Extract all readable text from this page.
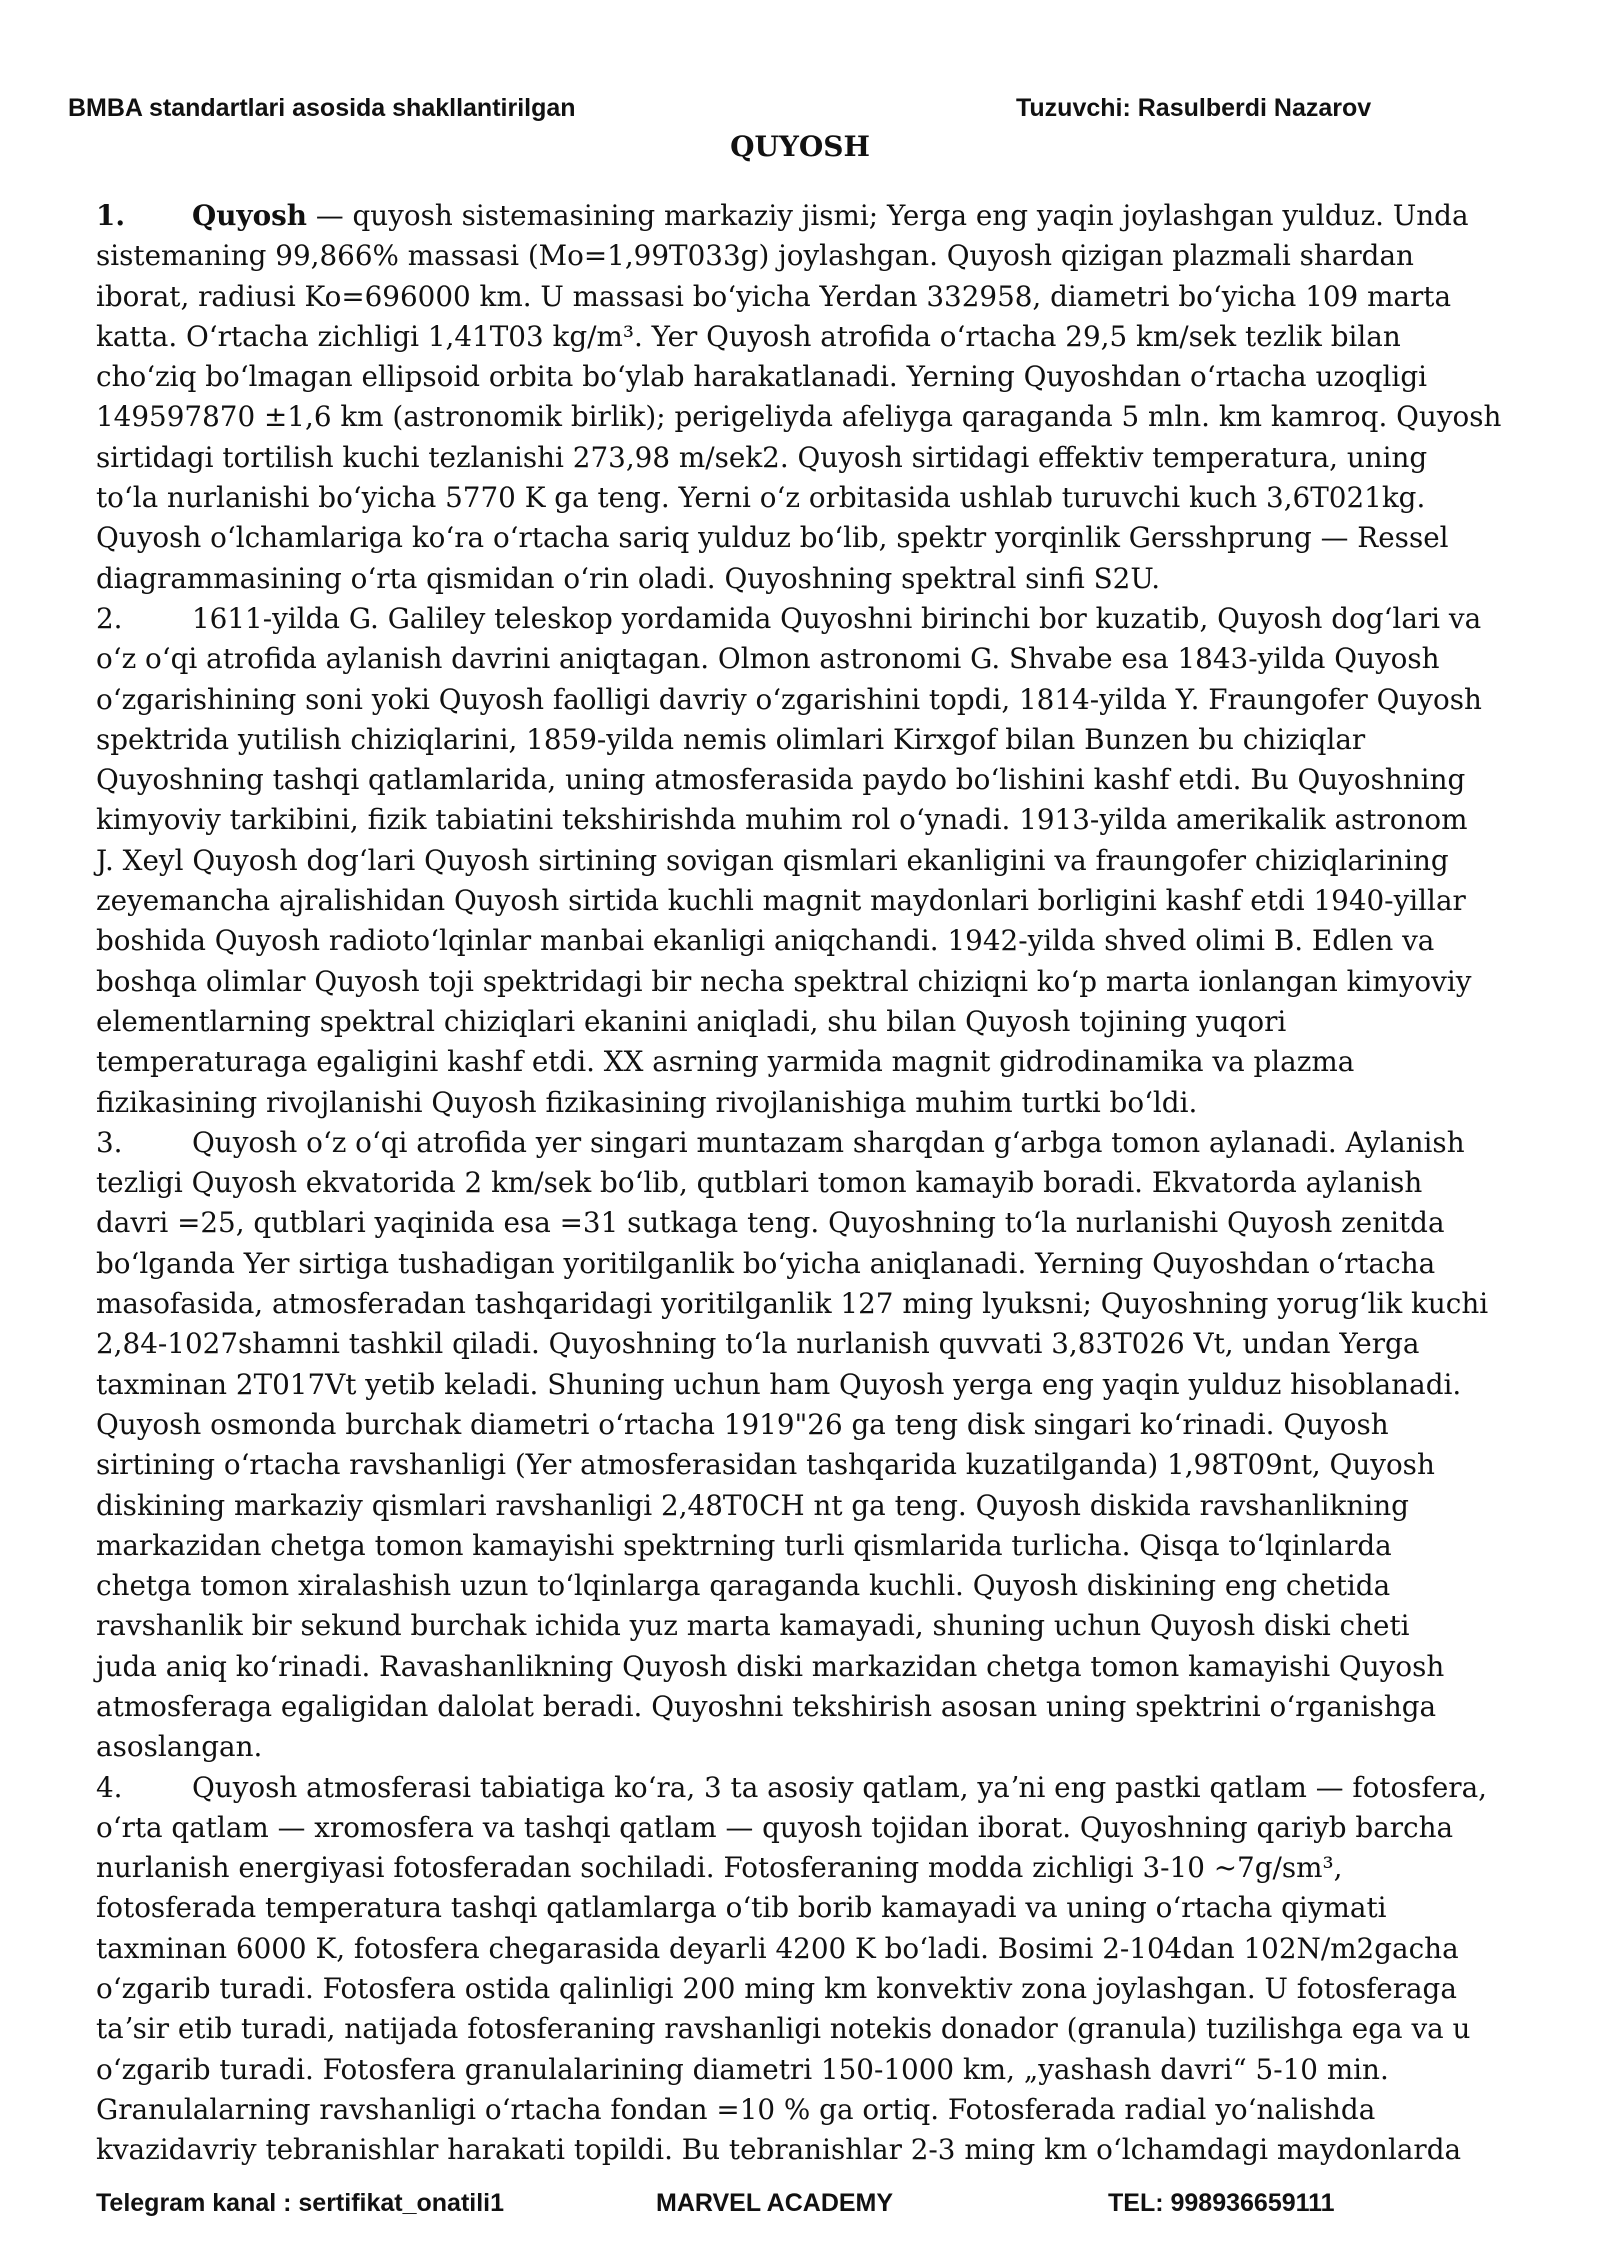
BMBA standartlari asosida shakllantirilgan	Tuzuvchi: Rasulberdi Nazarov
QUYOSH
1. Quyosh — quyosh sistemasining markaziy jismi; Yerga eng yaqin joylashgan yulduz. Unda
sistemaning 99,866% massasi (Mo=1,99T033g) joylashgan. Quyosh qizigan plazmali shardan
iborat, radiusi Ko=696000 km. U massasi boʻyicha Yerdan 332958, diametri boʻyicha 109 marta
katta. Oʻrtacha zichligi 1,41T03 kg/m³. Yer Quyosh atrofida oʻrtacha 29,5 km/sek tezlik bilan
choʻziq boʻlmagan ellipsoid orbita boʻylab harakatlanadi. Yerning Quyoshdan oʻrtacha uzoqligi
149597870 ±1,6 km (astronomik birlik); perigeliyda afeliyga qaraganda 5 mln. km kamroq. Quyosh
sirtidagi tortilish kuchi tezlanishi 273,98 m/sek2. Quyosh sirtidagi effektiv temperatura, uning
toʻla nurlanishi boʻyicha 5770 K ga teng. Yerni oʻz orbitasida ushlab turuvchi kuch 3,6T021kg.
Quyosh oʻlchamlariga koʻra oʻrtacha sariq yulduz boʻlib, spektr yorqinlik Gersshprung — Ressel
diagrammasining oʻrta qismidan oʻrin oladi. Quyoshning spektral sinfi S2U.
2. 1611-yilda G. Galiley teleskop yordamida Quyoshni birinchi bor kuzatib, Quyosh dogʻlari va
oʻz oʻqi atrofida aylanish davrini aniqtagan. Olmon astronomi G. Shvabe esa 1843-yilda Quyosh
oʻzgarishining soni yoki Quyosh faolligi davriy oʻzgarishini topdi, 1814-yilda Y. Fraungofer Quyosh
spektrida yutilish chiziqlarini, 1859-yilda nemis olimlari Kirxgof bilan Bunzen bu chiziqlar
Quyoshning tashqi qatlamlarida, uning atmosferasida paydo boʻlishini kashf etdi. Bu Quyoshning
kimyoviy tarkibini, fizik tabiatini tekshirishda muhim rol oʻynadi. 1913-yilda amerikalik astronom
J. Xeyl Quyosh dogʻlari Quyosh sirtining sovigan qismlari ekanligini va fraungofer chiziqlarining
zeyemancha ajralishidan Quyosh sirtida kuchli magnit maydonlari borligini kashf etdi 1940-yillar
boshida Quyosh radiotoʻlqinlar manbai ekanligi aniqchandi. 1942-yilda shved olimi B. Edlen va
boshqa olimlar Quyosh toji spektridagi bir necha spektral chiziqni koʻp marta ionlangan kimyoviy
elementlarning spektral chiziqlari ekanini aniqladi, shu bilan Quyosh tojining yuqori
temperaturaga egaligini kashf etdi. XX asrning yarmida magnit gidrodinamika va plazma
fizikasining rivojlanishi Quyosh fizikasining rivojlanishiga muhim turtki boʻldi.
3. Quyosh oʻz oʻqi atrofida yer singari muntazam sharqdan gʻarbga tomon aylanadi. Aylanish
tezligi Quyosh ekvatorida 2 km/sek boʻlib, qutblari tomon kamayib boradi. Ekvatorda aylanish
davri =25, qutblari yaqinida esa =31 sutkaga teng. Quyoshning toʻla nurlanishi Quyosh zenitda
boʻlganda Yer sirtiga tushadigan yoritilganlik boʻyicha aniqlanadi. Yerning Quyoshdan oʻrtacha
masofasida, atmosferadan tashqaridagi yoritilganlik 127 ming lyuksni; Quyoshning yorugʻlik kuchi
2,84-1027shamni tashkil qiladi. Quyoshning toʻla nurlanish quvvati 3,83T026 Vt, undan Yerga
taxminan 2T017Vt yetib keladi. Shuning uchun ham Quyosh yerga eng yaqin yulduz hisoblanadi.
Quyosh osmonda burchak diametri oʻrtacha 1919"26 ga teng disk singari koʻrinadi. Quyosh
sirtining oʻrtacha ravshanligi (Yer atmosferasidan tashqarida kuzatilganda) 1,98T09nt, Quyosh
diskining markaziy qismlari ravshanligi 2,48T0CH nt ga teng. Quyosh diskida ravshanlikning
markazidan chetga tomon kamayishi spektrning turli qismlarida turlicha. Qisqa toʻlqinlarda
chetga tomon xiralashish uzun toʻlqinlarga qaraganda kuchli. Quyosh diskining eng chetida
ravshanlik bir sekund burchak ichida yuz marta kamayadi, shuning uchun Quyosh diski cheti
juda aniq koʻrinadi. Ravashanlikning Quyosh diski markazidan chetga tomon kamayishi Quyosh
atmosferaga egaligidan dalolat beradi. Quyoshni tekshirish asosan uning spektrini oʻrganishga
asoslangan.
4. Quyosh atmosferasi tabiatiga koʻra, 3 ta asosiy qatlam, yaʼni eng pastki qatlam — fotosfera,
oʻrta qatlam — xromosfera va tashqi qatlam — quyosh tojidan iborat. Quyoshning qariyb barcha
nurlanish energiyasi fotosferadan sochiladi. Fotosferaning modda zichligi 3-10 ~7g/sm³,
fotosferada temperatura tashqi qatlamlarga oʻtib borib kamayadi va uning oʻrtacha qiymati
taxminan 6000 K, fotosfera chegarasida deyarli 4200 K boʻladi. Bosimi 2-104dan 102N/m2gacha
oʻzgarib turadi. Fotosfera ostida qalinligi 200 ming km konvektiv zona joylashgan. U fotosferaga
taʼsir etib turadi, natijada fotosferaning ravshanligi notekis donador (granula) tuzilishga ega va u
oʻzgarib turadi. Fotosfera granulalarining diametri 150-1000 km, „yashash davri“ 5-10 min.
Granulalarning ravshanligi oʻrtacha fondan =10 % ga ortiq. Fotosferada radial yoʻnalishda
kvazidavriy tebranishlar harakati topildi. Bu tebranishlar 2-3 ming km oʻlchamdagi maydonlarda
Telegram kanal : sertifikat_onatili1	MARVEL ACADEMY	TEL: 998936659111
